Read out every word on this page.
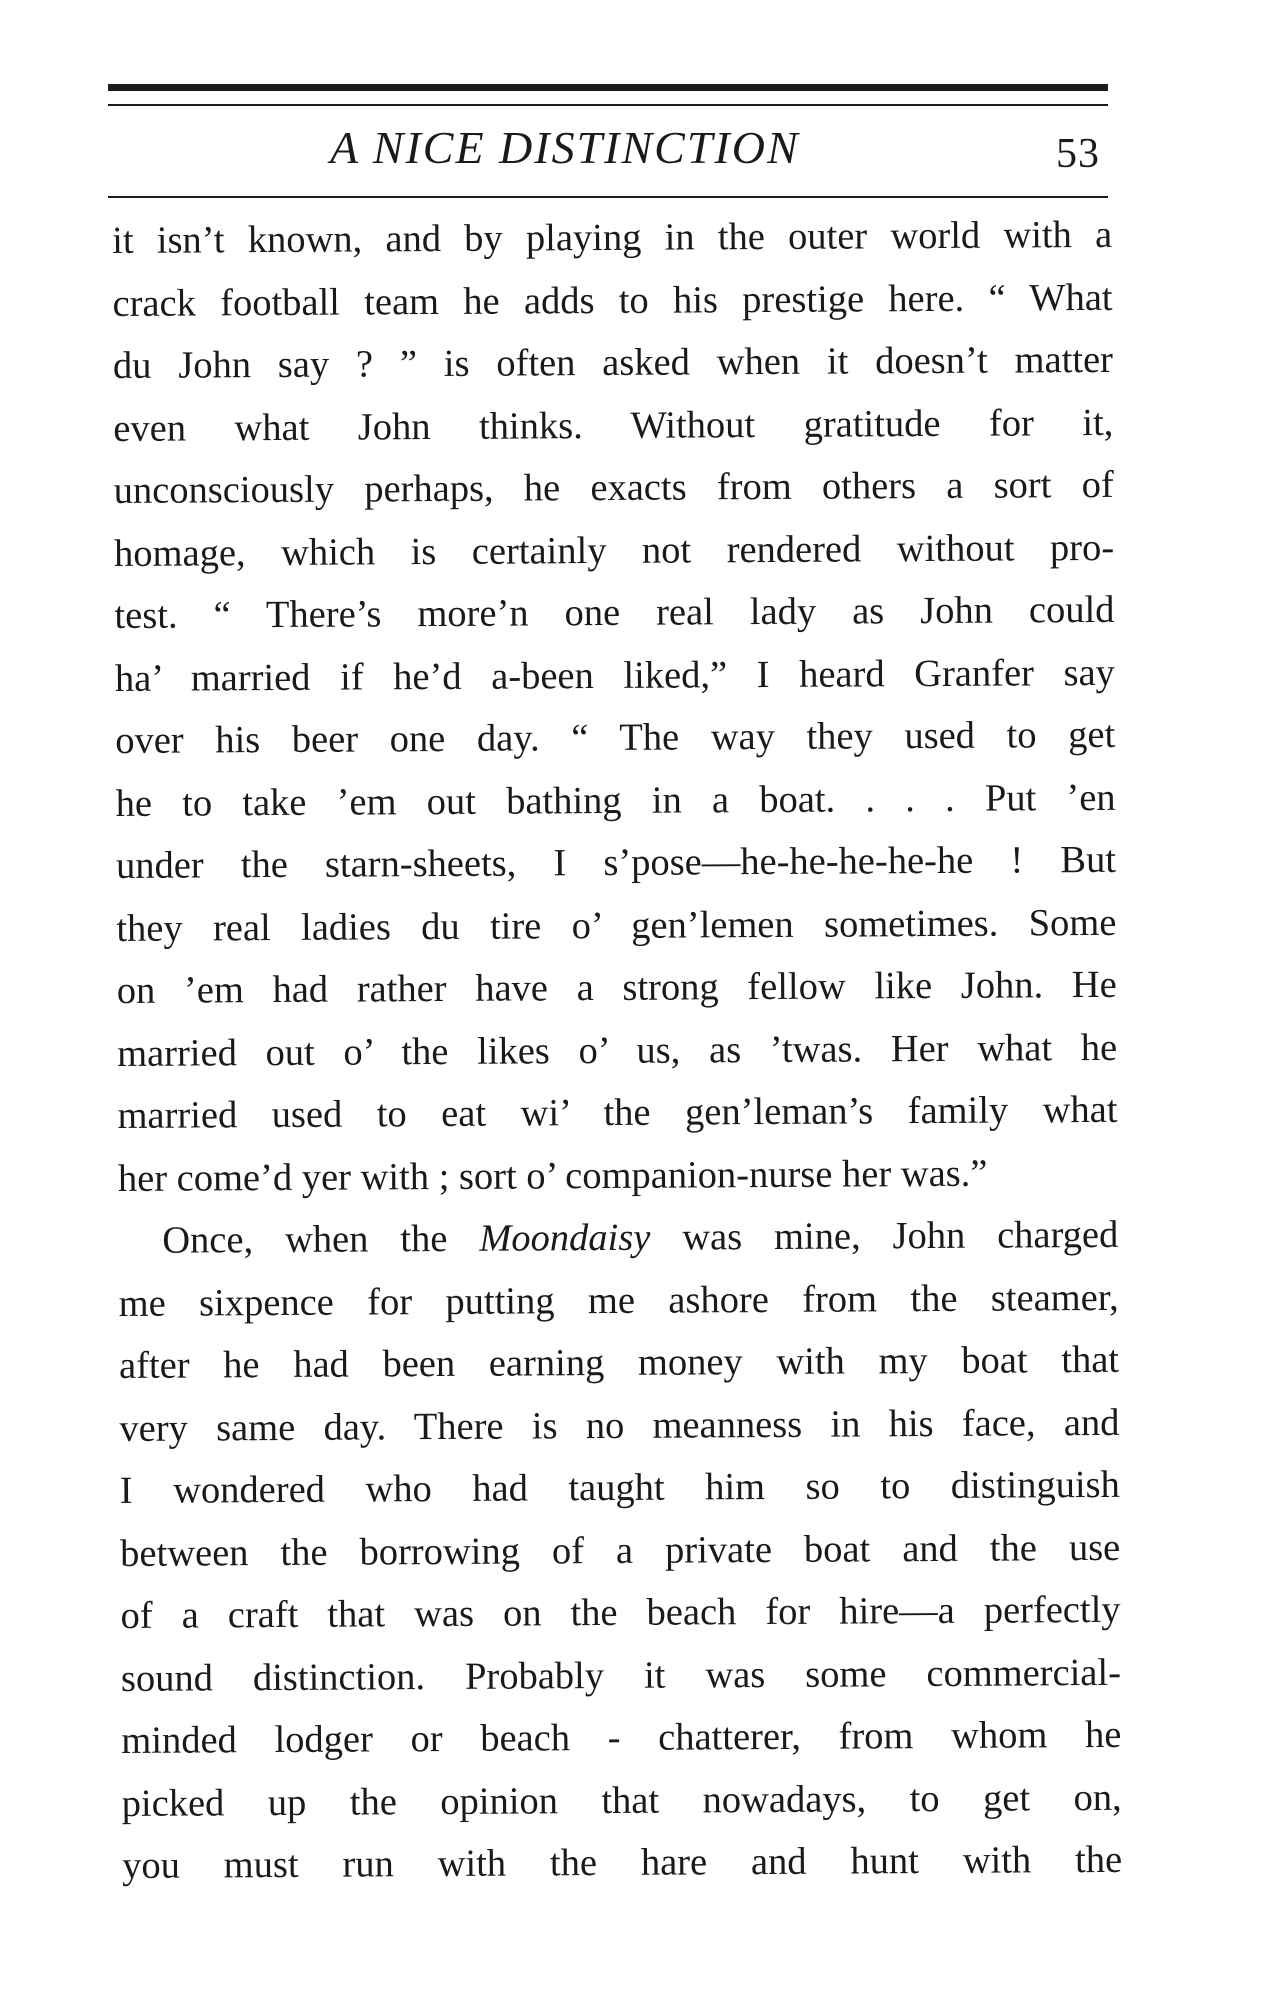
A NICE DISTINCTION	53
it isn’t known, and by playing in the outer world with a
crack football team he adds to his prestige here. “ What
du John say ? ” is often asked when it doesn’t matter
even what John thinks. Without gratitude for it,
unconsciously perhaps, he exacts from others a sort of
homage, which is certainly not rendered without pro-
test. “ There’s more’n one real lady as John could
ha’ married if he’d a-been liked,” I heard Granfer say
over his beer one day. “ The way they used to get
he to take ’em out bathing in a boat. . . . Put ’en
under the starn-sheets, I s’pose—he-he-he-he-he ! But
they real ladies du tire o’ gen’lemen sometimes. Some
on ’em had rather have a strong fellow like John. He
married out o’ the likes o’ us, as ’twas. Her what he
married used to eat wi’ the gen’leman’s family what
her come’d yer with ; sort o’ companion-nurse her was.”
Once, when the Moondaisy was mine, John charged
me sixpence for putting me ashore from the steamer,
after he had been earning money with my boat that
very same day. There is no meanness in his face, and
I wondered who had taught him so to distinguish
between the borrowing of a private boat and the use
of a craft that was on the beach for hire—a perfectly
sound distinction. Probably it was some commercial-
minded lodger or beach - chatterer, from whom he
picked up the opinion that nowadays, to get on,
you must run with the hare and hunt with the
